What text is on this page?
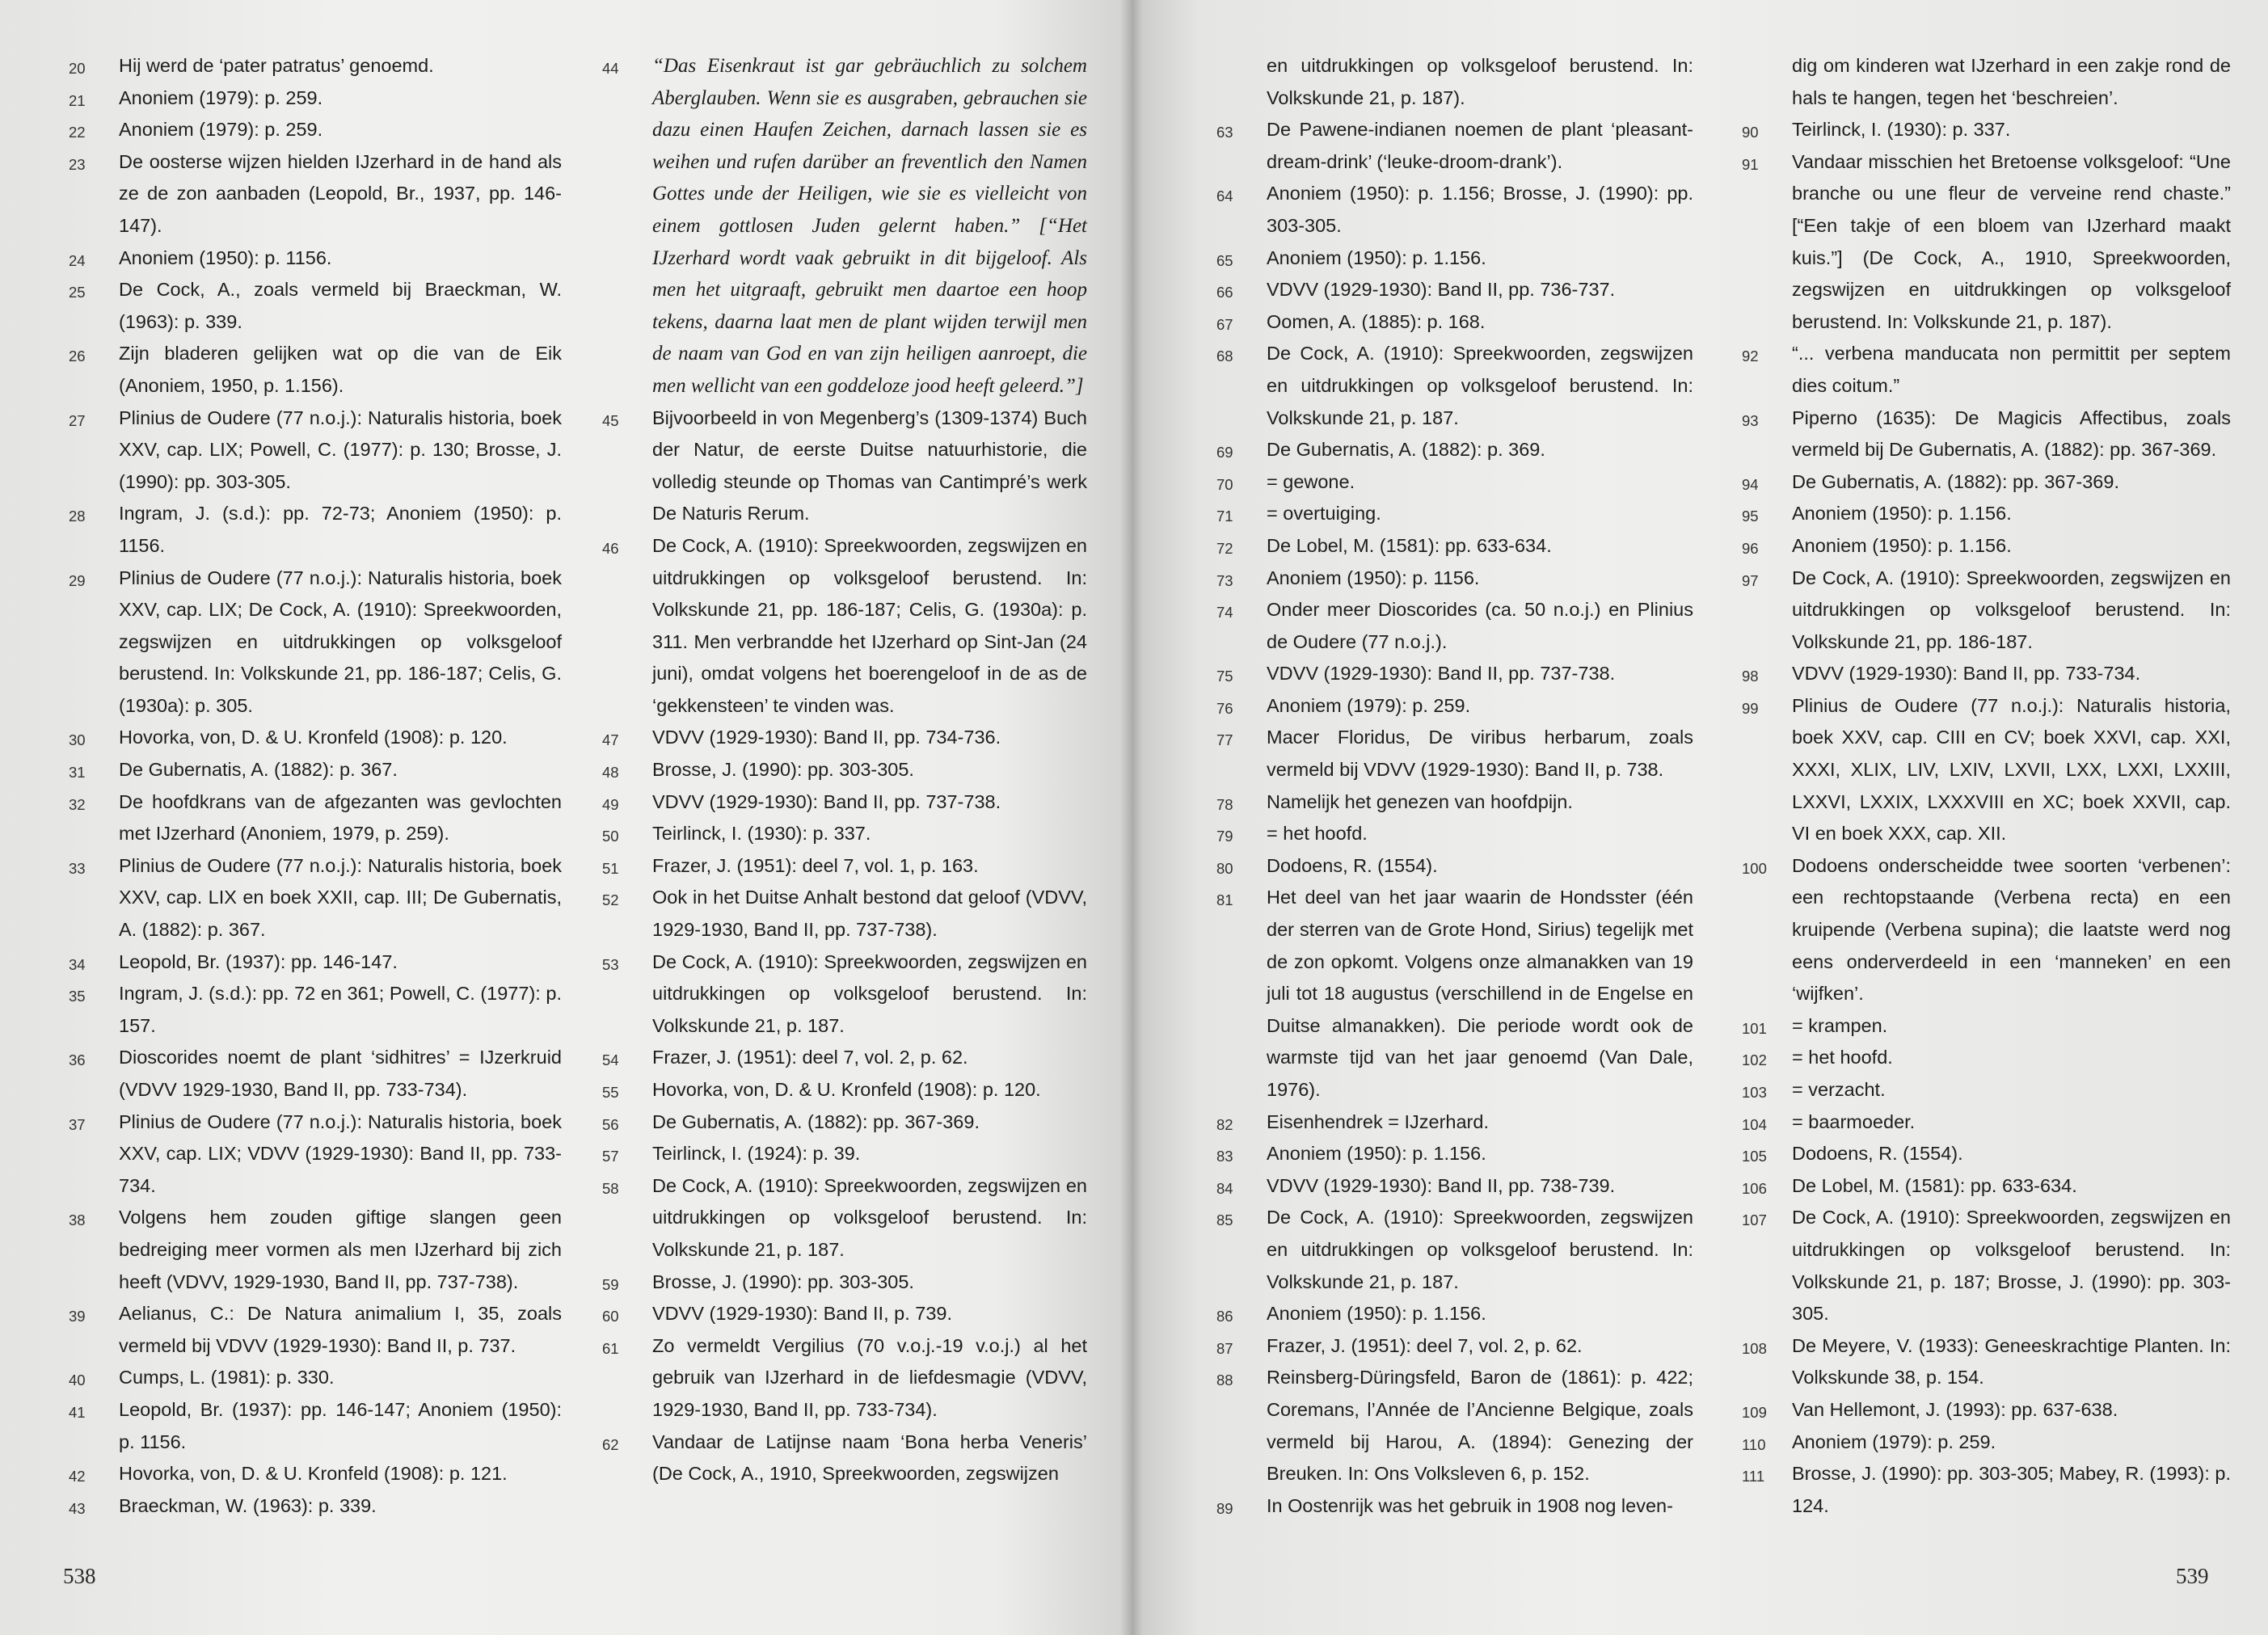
20	Hij werd de ‘pater patratus’ genoemd.
21	Anoniem (1979): p. 259.
22	Anoniem (1979): p. 259.
23	De oosterse wijzen hielden IJzerhard in de hand als ze de zon aanbaden (Leopold, Br., 1937, pp. 146-147).
24	Anoniem (1950): p. 1156.
25	De Cock, A., zoals vermeld bij Braeckman, W. (1963): p. 339.
26	Zijn bladeren gelijken wat op die van de Eik (Anoniem, 1950, p. 1.156).
27	Plinius de Oudere (77 n.o.j.): Naturalis historia, boek XXV, cap. LIX; Powell, C. (1977): p. 130; Brosse, J. (1990): pp. 303-305.
28	Ingram, J. (s.d.): pp. 72-73; Anoniem (1950): p. 1156.
29	Plinius de Oudere (77 n.o.j.): Naturalis historia, boek XXV, cap. LIX; De Cock, A. (1910): Spreekwoorden, zegswijzen en uitdrukkingen op volksgeloof berustend. In: Volkskunde 21, pp. 186-187; Celis, G. (1930a): p. 305.
30	Hovorka, von, D. & U. Kronfeld (1908): p. 120.
31	De Gubernatis, A. (1882): p. 367.
32	De hoofdkrans van de afgezanten was gevlochten met IJzerhard (Anoniem, 1979, p. 259).
33	Plinius de Oudere (77 n.o.j.): Naturalis historia, boek XXV, cap. LIX en boek XXII, cap. III; De Gubernatis, A. (1882): p. 367.
34	Leopold, Br. (1937): pp. 146-147.
35	Ingram, J. (s.d.): pp. 72 en 361; Powell, C. (1977): p. 157.
36	Dioscorides noemt de plant ‘sidhitres’ = IJzerkruid (VDVV 1929-1930, Band II, pp. 733-734).
37	Plinius de Oudere (77 n.o.j.): Naturalis historia, boek XXV, cap. LIX; VDVV (1929-1930): Band II, pp. 733-734.
38	Volgens hem zouden giftige slangen geen bedreiging meer vormen als men IJzerhard bij zich heeft (VDVV, 1929-1930, Band II, pp. 737-738).
39	Aelianus, C.: De Natura animalium I, 35, zoals vermeld bij VDVV (1929-1930): Band II, p. 737.
40	Cumps, L. (1981): p. 330.
41	Leopold, Br. (1937): pp. 146-147; Anoniem (1950): p. 1156.
42	Hovorka, von, D. & U. Kronfeld (1908): p. 121.
43	Braeckman, W. (1963): p. 339.
44	“Das Eisenkraut ist gar gebräuchlich zu solchem Aberglauben. Wenn sie es ausgraben, gebrauchen sie dazu einen Haufen Zeichen, darnach lassen sie es weihen und rufen darüber an freventlich den Namen Gottes unde der Heiligen, wie sie es vielleicht von einem gottlosen Juden gelernt haben.” [“Het IJzerhard wordt vaak gebruikt in dit bijgeloof. Als men het uitgraaft, gebruikt men daartoe een hoop tekens, daarna laat men de plant wijden terwijl men de naam van God en van zijn heiligen aanroept, die men wellicht van een goddeloze jood heeft geleerd.”]
45	Bijvoorbeeld in von Megenberg’s (1309-1374) Buch der Natur, de eerste Duitse natuurhistorie, die volledig steunde op Thomas van Cantimpré’s werk De Naturis Rerum.
46	De Cock, A. (1910): Spreekwoorden, zegswijzen en uitdrukkingen op volksgeloof berustend. In: Volkskunde 21, pp. 186-187; Celis, G. (1930a): p. 311. Men verbrandde het IJzerhard op Sint-Jan (24 juni), omdat volgens het boerengeloof in de as de ‘gekkensteen’ te vinden was.
47	VDVV (1929-1930): Band II, pp. 734-736.
48	Brosse, J. (1990): pp. 303-305.
49	VDVV (1929-1930): Band II, pp. 737-738.
50	Teirlinck, I. (1930): p. 337.
51	Frazer, J. (1951): deel 7, vol. 1, p. 163.
52	Ook in het Duitse Anhalt bestond dat geloof (VDVV, 1929-1930, Band II, pp. 737-738).
53	De Cock, A. (1910): Spreekwoorden, zegswijzen en uitdrukkingen op volksgeloof berustend. In: Volkskunde 21, p. 187.
54	Frazer, J. (1951): deel 7, vol. 2, p. 62.
55	Hovorka, von, D. & U. Kronfeld (1908): p. 120.
56	De Gubernatis, A. (1882): pp. 367-369.
57	Teirlinck, I. (1924): p. 39.
58	De Cock, A. (1910): Spreekwoorden, zegswijzen en uitdrukkingen op volksgeloof berustend. In: Volkskunde 21, p. 187.
59	Brosse, J. (1990): pp. 303-305.
60	VDVV (1929-1930): Band II, p. 739.
61	Zo vermeldt Vergilius (70 v.o.j.-19 v.o.j.) al het gebruik van IJzerhard in de liefdesmagie (VDVV, 1929-1930, Band II, pp. 733-734).
62	Vandaar de Latijnse naam ‘Bona herba Veneris’ (De Cock, A., 1910, Spreekwoorden, zegswijzen
538
en uitdrukkingen op volksgeloof berustend. In: Volkskunde 21, p. 187).
63	De Pawene-indianen noemen de plant ‘pleasant-dream-drink’ (‘leuke-droom-drank’).
64	Anoniem (1950): p. 1.156; Brosse, J. (1990): pp. 303-305.
65	Anoniem (1950): p. 1.156.
66	VDVV (1929-1930): Band II, pp. 736-737.
67	Oomen, A. (1885): p. 168.
68	De Cock, A. (1910): Spreekwoorden, zegswijzen en uitdrukkingen op volksgeloof berustend. In: Volkskunde 21, p. 187.
69	De Gubernatis, A. (1882): p. 369.
70	= gewone.
71	= overtuiging.
72	De Lobel, M. (1581): pp. 633-634.
73	Anoniem (1950): p. 1156.
74	Onder meer Dioscorides (ca. 50 n.o.j.) en Plinius de Oudere (77 n.o.j.).
75	VDVV (1929-1930): Band II, pp. 737-738.
76	Anoniem (1979): p. 259.
77	Macer Floridus, De viribus herbarum, zoals vermeld bij VDVV (1929-1930): Band II, p. 738.
78	Namelijk het genezen van hoofdpijn.
79	= het hoofd.
80	Dodoens, R. (1554).
81	Het deel van het jaar waarin de Hondsster (één der sterren van de Grote Hond, Sirius) tegelijk met de zon opkomt. Volgens onze almanakken van 19 juli tot 18 augustus (verschillend in de Engelse en Duitse almanakken). Die periode wordt ook de warmste tijd van het jaar genoemd (Van Dale, 1976).
82	Eisenhendrek = IJzerhard.
83	Anoniem (1950): p. 1.156.
84	VDVV (1929-1930): Band II, pp. 738-739.
85	De Cock, A. (1910): Spreekwoorden, zegswijzen en uitdrukkingen op volksgeloof berustend. In: Volkskunde 21, p. 187.
86	Anoniem (1950): p. 1.156.
87	Frazer, J. (1951): deel 7, vol. 2, p. 62.
88	Reinsberg-Düringsfeld, Baron de (1861): p. 422; Coremans, l’Année de l’Ancienne Belgique, zoals vermeld bij Harou, A. (1894): Genezing der Breuken. In: Ons Volksleven 6, p. 152.
89	In Oostenrijk was het gebruik in 1908 nog leven-
dig om kinderen wat IJzerhard in een zakje rond de hals te hangen, tegen het ‘beschreien’.
90	Teirlinck, I. (1930): p. 337.
91	Vandaar misschien het Bretoense volksgeloof: “Une branche ou une fleur de verveine rend chaste.” [“Een takje of een bloem van IJzerhard maakt kuis.”] (De Cock, A., 1910, Spreekwoorden, zegswijzen en uitdrukkingen op volksgeloof berustend. In: Volkskunde 21, p. 187).
92	“... verbena manducata non permittit per septem dies coitum.”
93	Piperno (1635): De Magicis Affectibus, zoals vermeld bij De Gubernatis, A. (1882): pp. 367-369.
94	De Gubernatis, A. (1882): pp. 367-369.
95	Anoniem (1950): p. 1.156.
96	Anoniem (1950): p. 1.156.
97	De Cock, A. (1910): Spreekwoorden, zegswijzen en uitdrukkingen op volksgeloof berustend. In: Volkskunde 21, pp. 186-187.
98	VDVV (1929-1930): Band II, pp. 733-734.
99	Plinius de Oudere (77 n.o.j.): Naturalis historia, boek XXV, cap. CIII en CV; boek XXVI, cap. XXI, XXXI, XLIX, LIV, LXIV, LXVII, LXX, LXXI, LXXIII, LXXVI, LXXIX, LXXXVIII en XC; boek XXVII, cap. VI en boek XXX, cap. XII.
100	Dodoens onderscheidde twee soorten ‘verbenen’: een rechtopstaande (Verbena recta) en een kruipende (Verbena supina); die laatste werd nog eens onderverdeeld in een ‘manneken’ en een ‘wijfken’.
101	= krampen.
102	= het hoofd.
103	= verzacht.
104	= baarmoeder.
105	Dodoens, R. (1554).
106	De Lobel, M. (1581): pp. 633-634.
107	De Cock, A. (1910): Spreekwoorden, zegswijzen en uitdrukkingen op volksgeloof berustend. In: Volkskunde 21, p. 187; Brosse, J. (1990): pp. 303-305.
108	De Meyere, V. (1933): Geneeskrachtige Planten. In: Volkskunde 38, p. 154.
109	Van Hellemont, J. (1993): pp. 637-638.
110	Anoniem (1979): p. 259.
111	Brosse, J. (1990): pp. 303-305; Mabey, R. (1993): p. 124.
539
